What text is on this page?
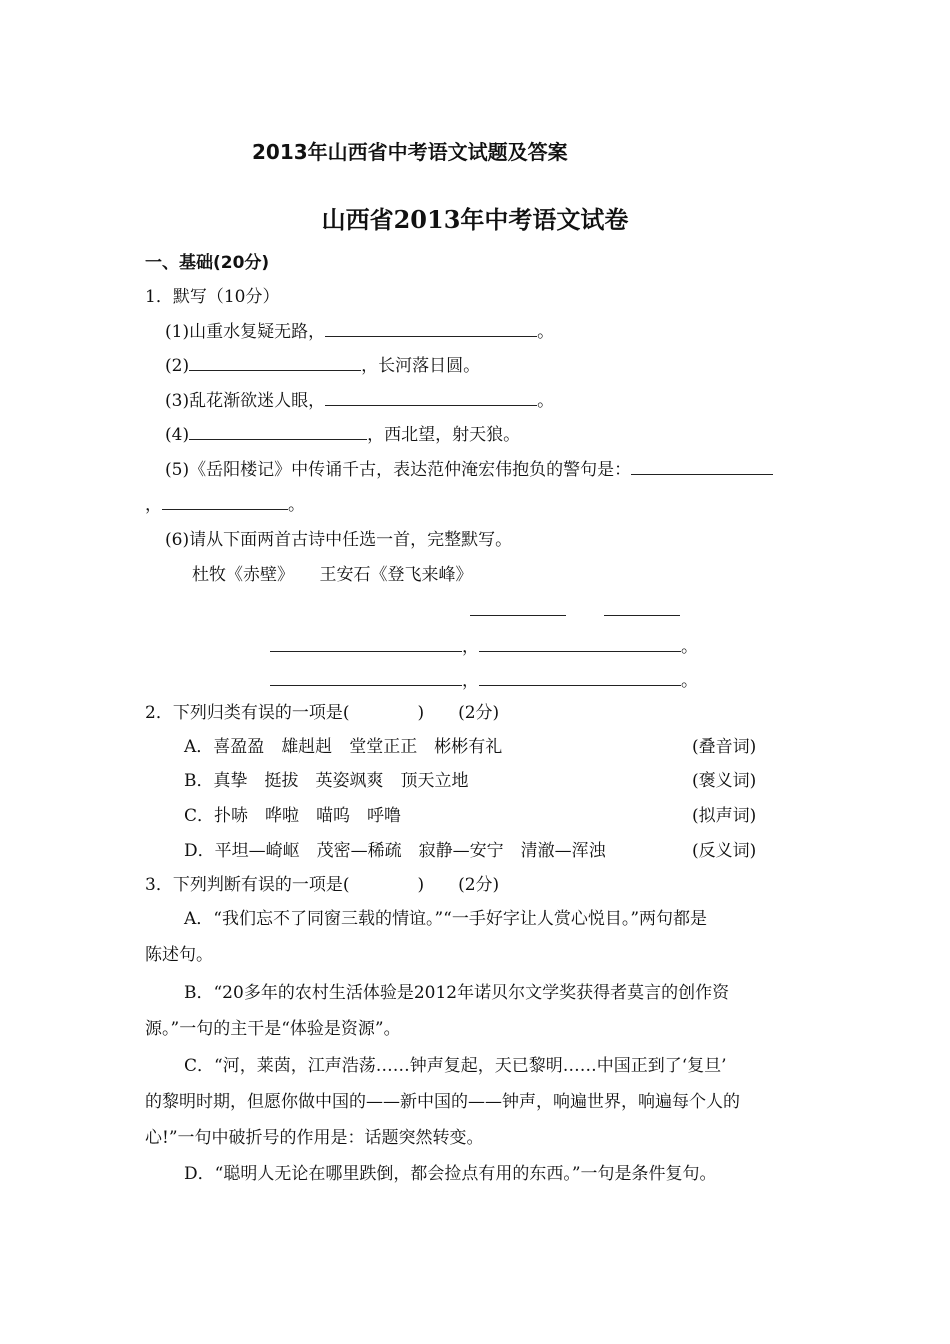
2013年山西省中考语文试题及答案
山西省2013年中考语文试卷
一、基础(20分)
1．默写（10分）
(1)山重水复疑无路，	。
(2)	，长河落日圆。
(3)乱花渐欲迷人眼，	。
(4)	，西北望，射天狼。
(5)《岳阳楼记》中传诵千古，表达范仲淹宏伟抱负的警句是：
，	。
(6)请从下面两首古诗中任选一首，完整默写。
杜牧《赤壁》　　王安石《登飞来峰》
，	。
，	。
2．下列归类有误的一项是(　　　　)　　(2分)
A．喜盈盈　雄赳赳　堂堂正正　彬彬有礼	(叠音词)
B．真挚　挺拔　英姿飒爽　顶天立地	(褒义词)
C．扑哧　哗啦　喵呜　呼噜	(拟声词)
D．平坦—崎岖　茂密—稀疏　寂静—安宁　清澈—浑浊	(反义词)
3．下列判断有误的一项是(　　　　)　　(2分)
A．“我们忘不了同窗三载的情谊。”“一手好字让人赏心悦目。”两句都是
陈述句。
B．“20多年的农村生活体验是2012年诺贝尔文学奖获得者莫言的创作资
源。”一句的主干是“体验是资源”。
C．“河，莱茵，江声浩荡……钟声复起，天已黎明……中国正到了‘复旦’
的黎明时期，但愿你做中国的——新中国的——钟声，响遍世界，响遍每个人的
心!”一句中破折号的作用是：话题突然转变。
D．“聪明人无论在哪里跌倒，都会捡点有用的东西。”一句是条件复句。
